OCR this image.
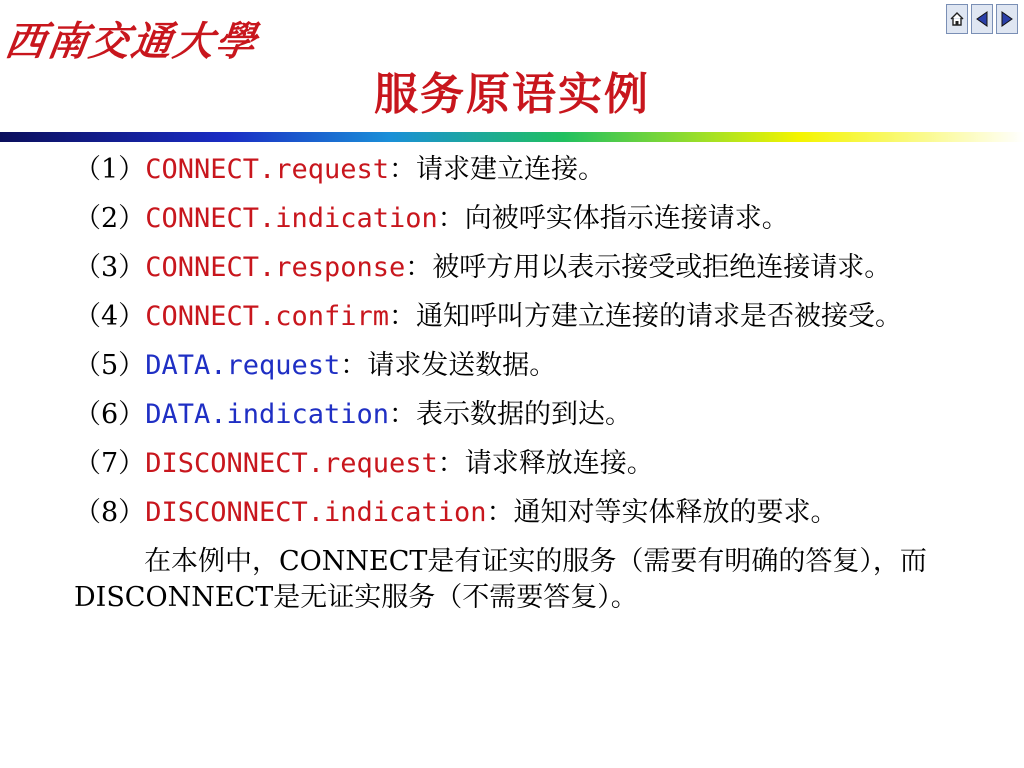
西南交通大學
服务原语实例
（1）CONNECT.request：请求建立连接。
（2）CONNECT.indication：向被呼实体指示连接请求。
（3）CONNECT.response：被呼方用以表示接受或拒绝连接请求。
（4）CONNECT.confirm：通知呼叫方建立连接的请求是否被接受。
（5）DATA.request：请求发送数据。
（6）DATA.indication：表示数据的到达。
（7）DISCONNECT.request：请求释放连接。
（8）DISCONNECT.indication：通知对等实体释放的要求。
在本例中，CONNECT是有证实的服务（需要有明确的答复），而DISCONNECT是无证实服务（不需要答复）。
